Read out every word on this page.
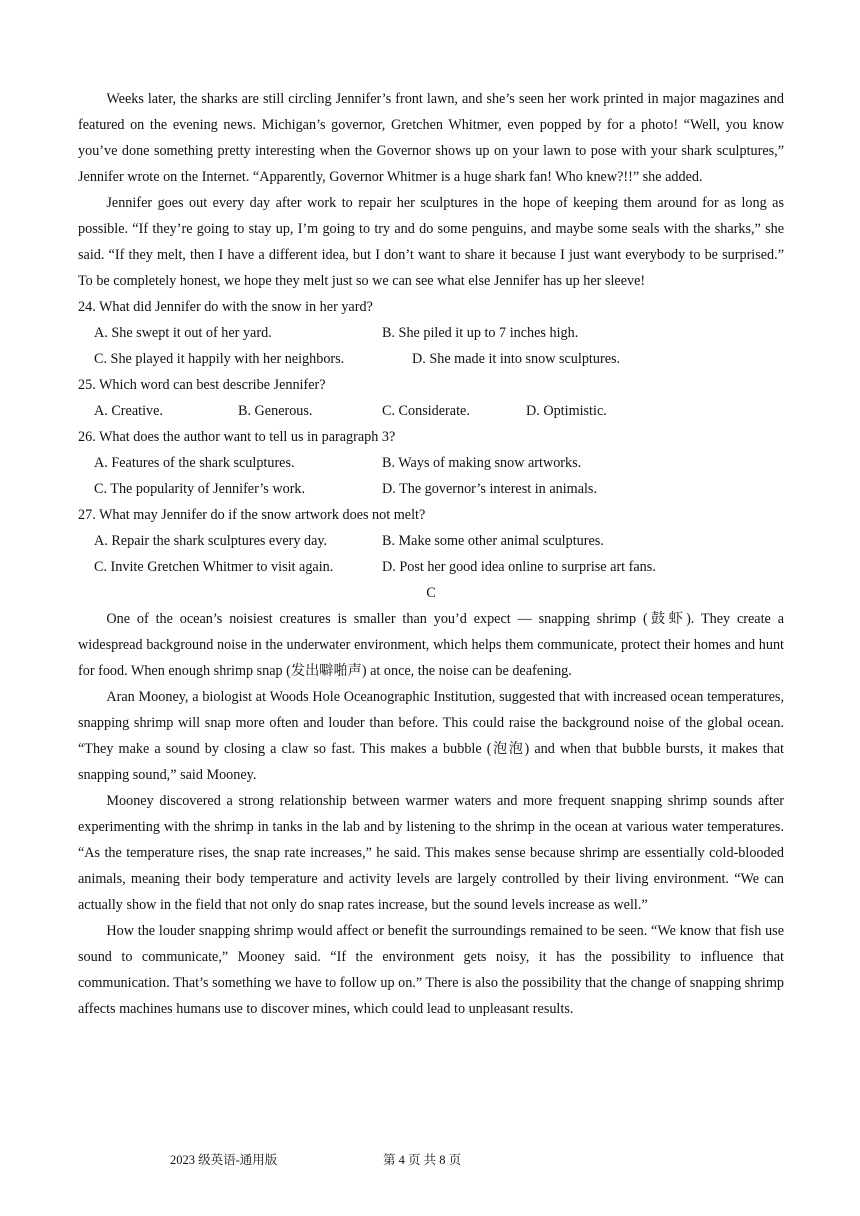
Weeks later, the sharks are still circling Jennifer’s front lawn, and she’s seen her work printed in major magazines and featured on the evening news. Michigan’s governor, Gretchen Whitmer, even popped by for a photo! “Well, you know you’ve done something pretty interesting when the Governor shows up on your lawn to pose with your shark sculptures,” Jennifer wrote on the Internet. “Apparently, Governor Whitmer is a huge shark fan! Who knew?!!” she added.

Jennifer goes out every day after work to repair her sculptures in the hope of keeping them around for as long as possible. “If they’re going to stay up, I’m going to try and do some penguins, and maybe some seals with the sharks,” she said. “If they melt, then I have a different idea, but I don’t want to share it because I just want everybody to be surprised.” To be completely honest, we hope they melt just so we can see what else Jennifer has up her sleeve!

24. What did Jennifer do with the snow in her yard?

A. She swept it out of her yard.	B. She piled it up to 7 inches high.
C. She played it happily with her neighbors.	D. She made it into snow sculptures.

25. Which word can best describe Jennifer?

A. Creative.	B. Generous.	C. Considerate.	D. Optimistic.

26. What does the author want to tell us in paragraph 3?

A. Features of the shark sculptures.	B. Ways of making snow artworks.
C. The popularity of Jennifer’s work.	D. The governor’s interest in animals.

27. What may Jennifer do if the snow artwork does not melt?

A. Repair the shark sculptures every day.	B. Make some other animal sculptures.
C. Invite Gretchen Whitmer to visit again.	D. Post her good idea online to surprise art fans.

C

One of the ocean’s noisiest creatures is smaller than you’d expect — snapping shrimp (鼓虾). They create a widespread background noise in the underwater environment, which helps them communicate, protect their homes and hunt for food. When enough shrimp snap (发出噼啪声) at once, the noise can be deafening.

Aran Mooney, a biologist at Woods Hole Oceanographic Institution, suggested that with increased ocean temperatures, snapping shrimp will snap more often and louder than before. This could raise the background noise of the global ocean. “They make a sound by closing a claw so fast. This makes a bubble (泡泡) and when that bubble bursts, it makes that snapping sound,” said Mooney.

Mooney discovered a strong relationship between warmer waters and more frequent snapping shrimp sounds after experimenting with the shrimp in tanks in the lab and by listening to the shrimp in the ocean at various water temperatures. “As the temperature rises, the snap rate increases,” he said. This makes sense because shrimp are essentially cold-blooded animals, meaning their body temperature and activity levels are largely controlled by their living environment. “We can actually show in the field that not only do snap rates increase, but the sound levels increase as well.”

How the louder snapping shrimp would affect or benefit the surroundings remained to be seen. “We know that fish use sound to communicate,” Mooney said. “If the environment gets noisy, it has the possibility to influence that communication. That’s something we have to follow up on.” There is also the possibility that the change of snapping shrimp affects machines humans use to discover mines, which could lead to unpleasant results.

2023 级英语-通用版	第 4 页 共 8 页
